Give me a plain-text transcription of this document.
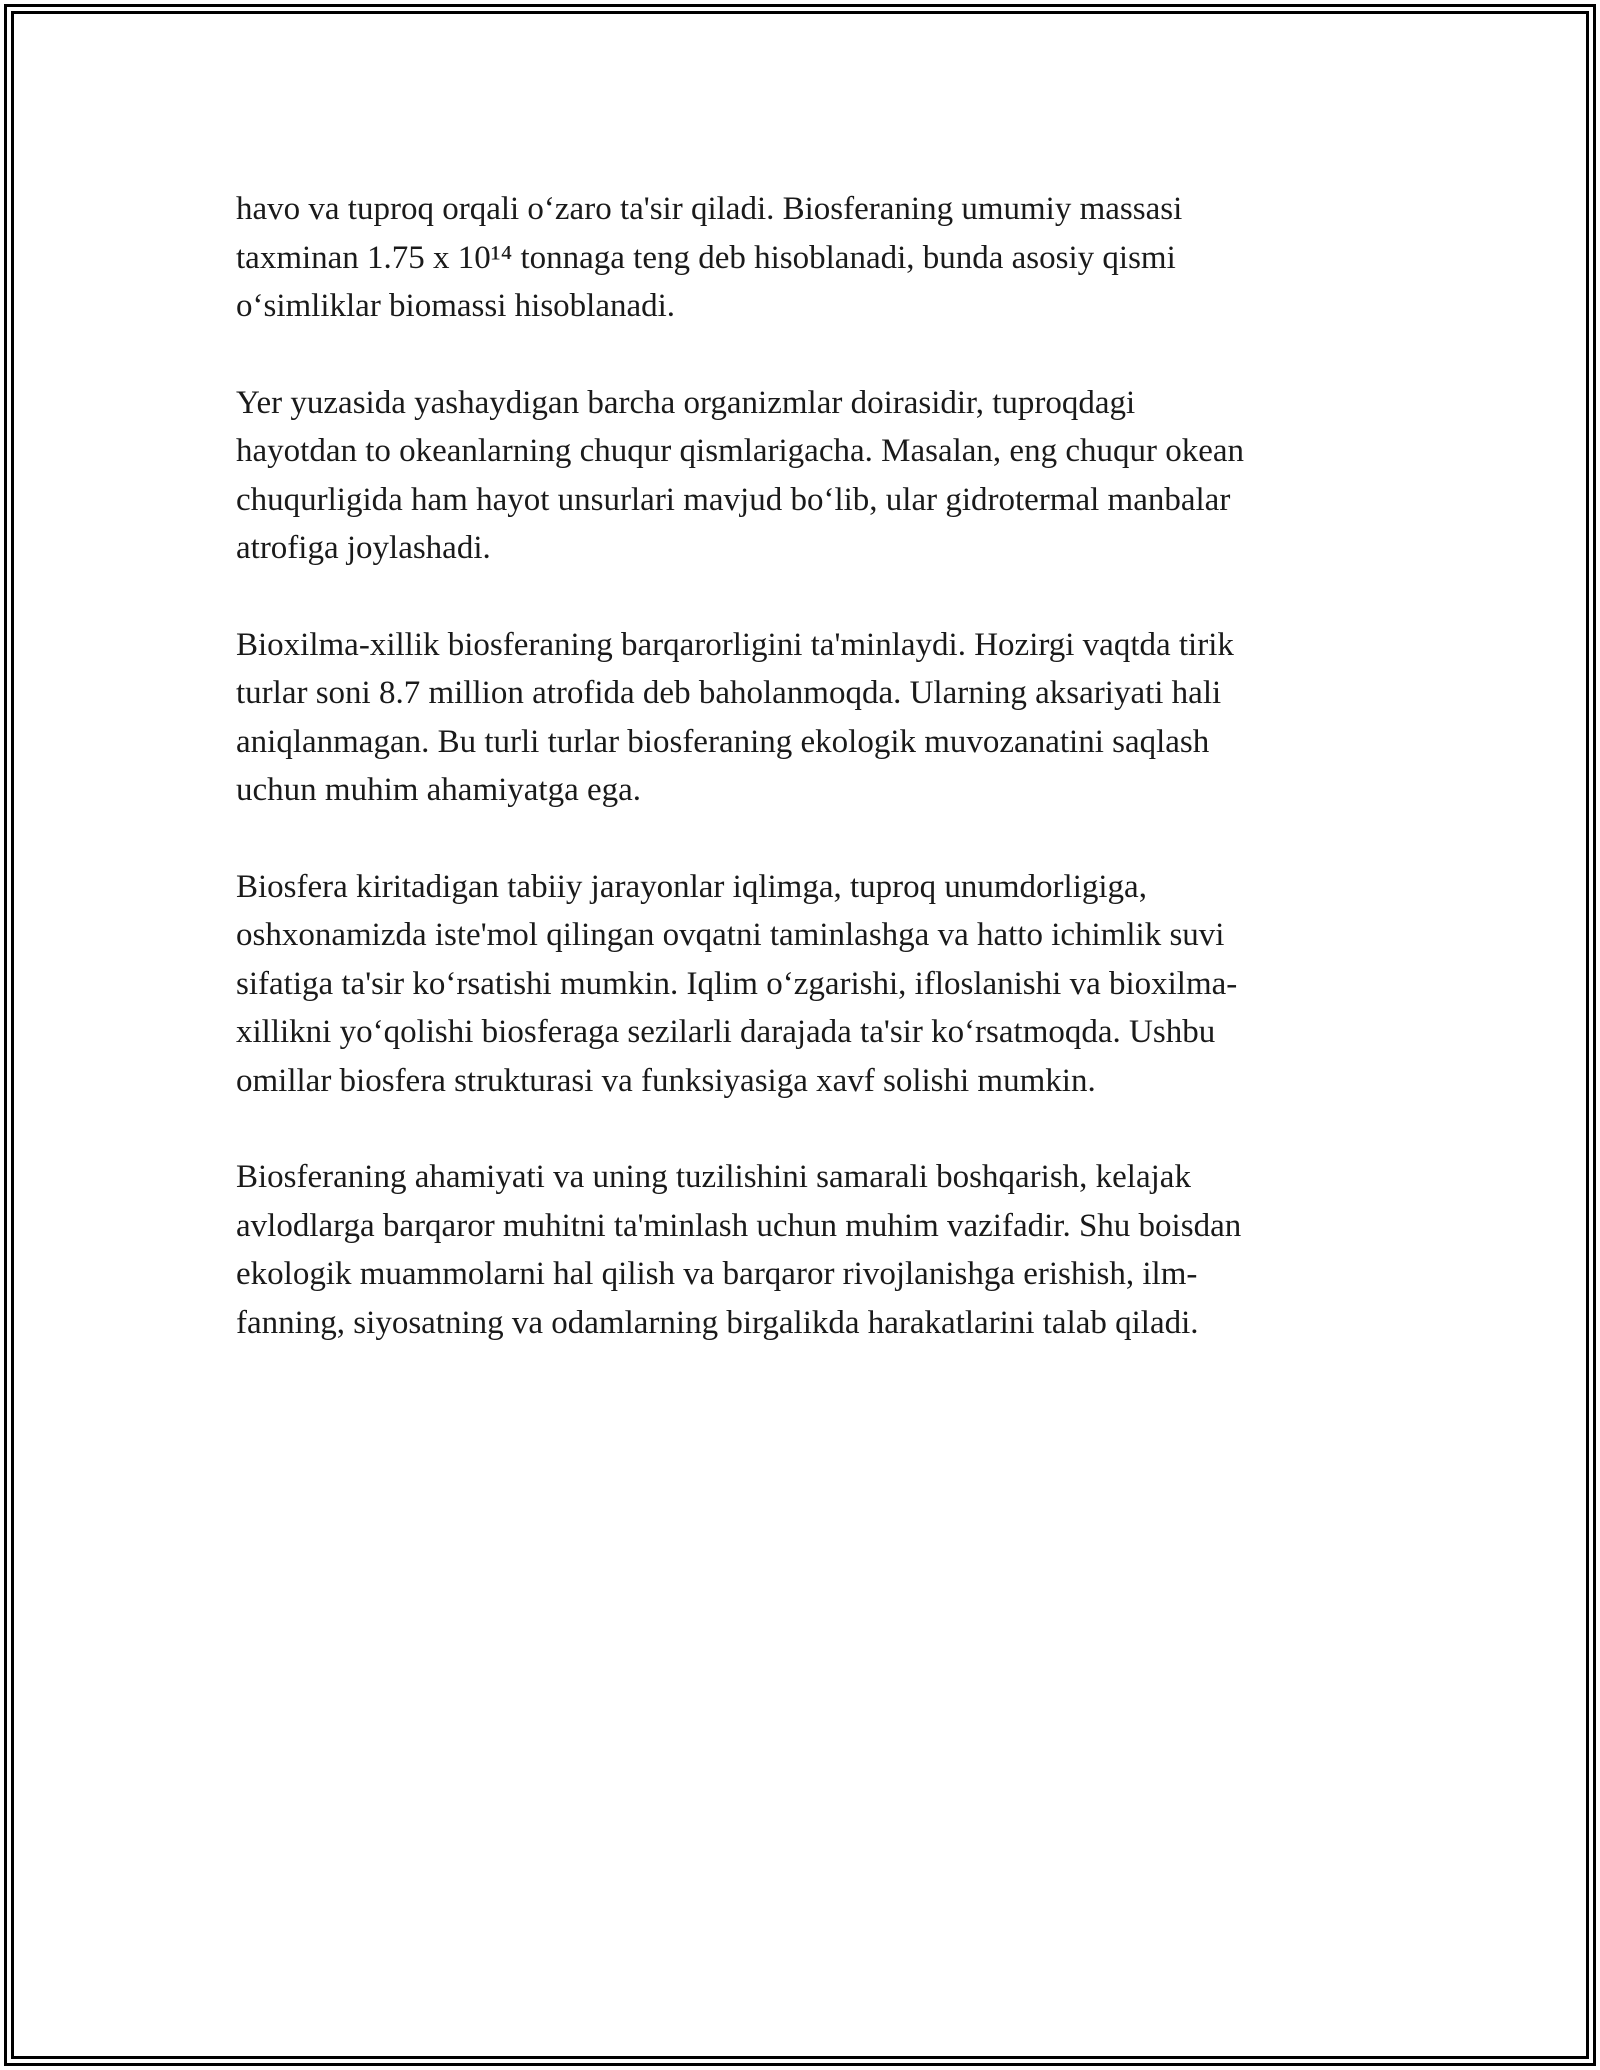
havo va tuproq orqali o‘zaro ta'sir qiladi. Biosferaning umumiy massasi
taxminan 1.75 x 10¹⁴ tonnaga teng deb hisoblanadi, bunda asosiy qismi
o‘simliklar biomassi hisoblanadi.

Yer yuzasida yashaydigan barcha organizmlar doirasidir, tuproqdagi
hayotdan to okeanlarning chuqur qismlarigacha. Masalan, eng chuqur okean
chuqurligida ham hayot unsurlari mavjud bo‘lib, ular gidrotermal manbalar
atrofiga joylashadi.

Bioxilma-xillik biosferaning barqarorligini ta'minlaydi. Hozirgi vaqtda tirik
turlar soni 8.7 million atrofida deb baholanmoqda. Ularning aksariyati hali
aniqlanmagan. Bu turli turlar biosferaning ekologik muvozanatini saqlash
uchun muhim ahamiyatga ega.

Biosfera kiritadigan tabiiy jarayonlar iqlimga, tuproq unumdorligiga,
oshxonamizda iste'mol qilingan ovqatni taminlashga va hatto ichimlik suvi
sifatiga ta'sir ko‘rsatishi mumkin. Iqlim o‘zgarishi, ifloslanishi va bioxilma-
xillikni yo‘qolishi biosferaga sezilarli darajada ta'sir ko‘rsatmoqda. Ushbu
omillar biosfera strukturasi va funksiyasiga xavf solishi mumkin.

Biosferaning ahamiyati va uning tuzilishini samarali boshqarish, kelajak
avlodlarga barqaror muhitni ta'minlash uchun muhim vazifadir. Shu boisdan
ekologik muammolarni hal qilish va barqaror rivojlanishga erishish, ilm-
fanning, siyosatning va odamlarning birgalikda harakatlarini talab qiladi.
